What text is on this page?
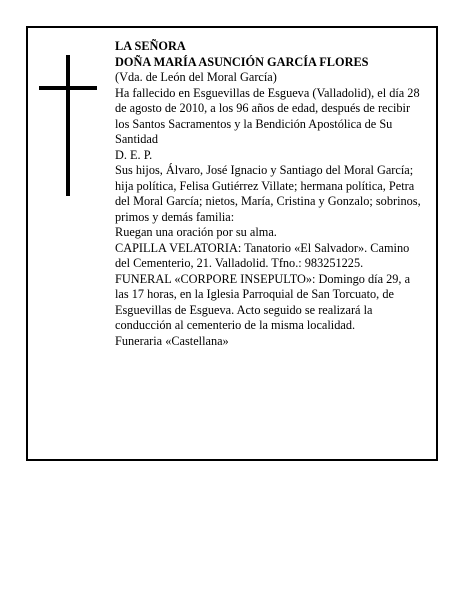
LA SEÑORA

DOÑA MARÍA ASUNCIÓN GARCÍA FLORES

(Vda. de León del Moral García)

Ha fallecido en Esguevillas de Esgueva (Valladolid), el día 28 de agosto de 2010, a los 96 años de edad, después de recibir los Santos Sacramentos y la Bendición Apostólica de Su Santidad

D. E. P.

Sus hijos, Álvaro, José Ignacio y Santiago del Moral García; hija política, Felisa Gutiérrez Villate; hermana política, Petra del Moral García; nietos, María, Cristina y Gonzalo; sobrinos, primos y demás familia:

Ruegan una oración por su alma.

CAPILLA VELATORIA: Tanatorio «El Salvador». Camino del Cementerio, 21. Valladolid. Tfno.: 983251225.

FUNERAL «CORPORE INSEPULTO»: Domingo día 29, a las 17 horas, en la Iglesia Parroquial de San Torcuato, de Esguevillas de Esgueva. Acto seguido se realizará la conducción al cementerio de la misma localidad.

Funeraria «Castellana»
